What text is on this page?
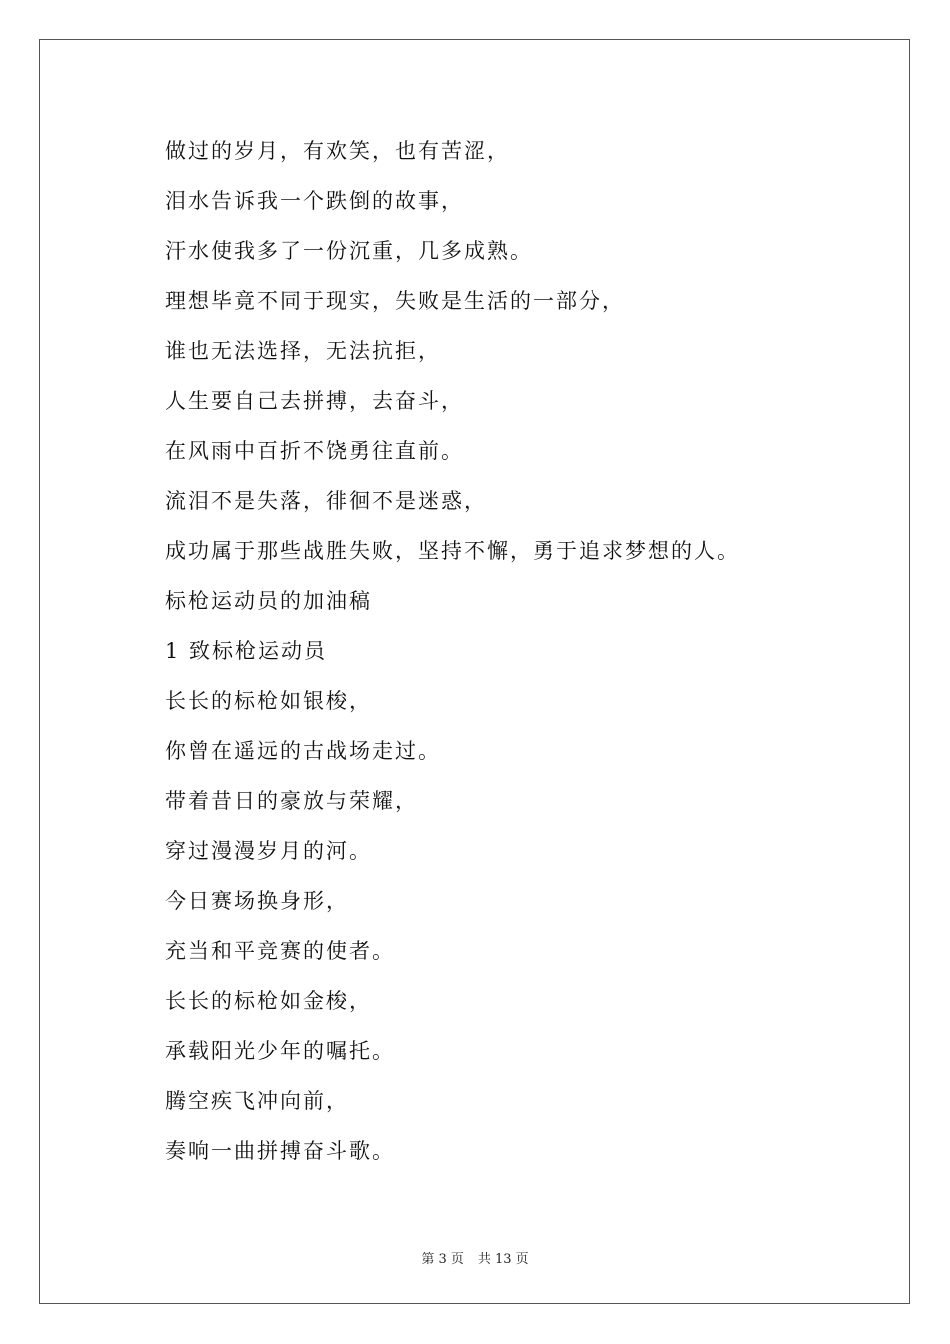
做过的岁月，有欢笑，也有苦涩，
泪水告诉我一个跌倒的故事，
汗水使我多了一份沉重，几多成熟。
理想毕竟不同于现实，失败是生活的一部分，
谁也无法选择，无法抗拒，
人生要自己去拼搏，去奋斗，
在风雨中百折不饶勇往直前。
流泪不是失落，徘徊不是迷惑，
成功属于那些战胜失败，坚持不懈，勇于追求梦想的人。
标枪运动员的加油稿
1 致标枪运动员
长长的标枪如银梭，
你曾在遥远的古战场走过。
带着昔日的豪放与荣耀，
穿过漫漫岁月的河。
今日赛场换身形，
充当和平竞赛的使者。
长长的标枪如金梭，
承载阳光少年的嘱托。
腾空疾飞冲向前，
奏响一曲拼搏奋斗歌。
第 3 页 共 13 页
